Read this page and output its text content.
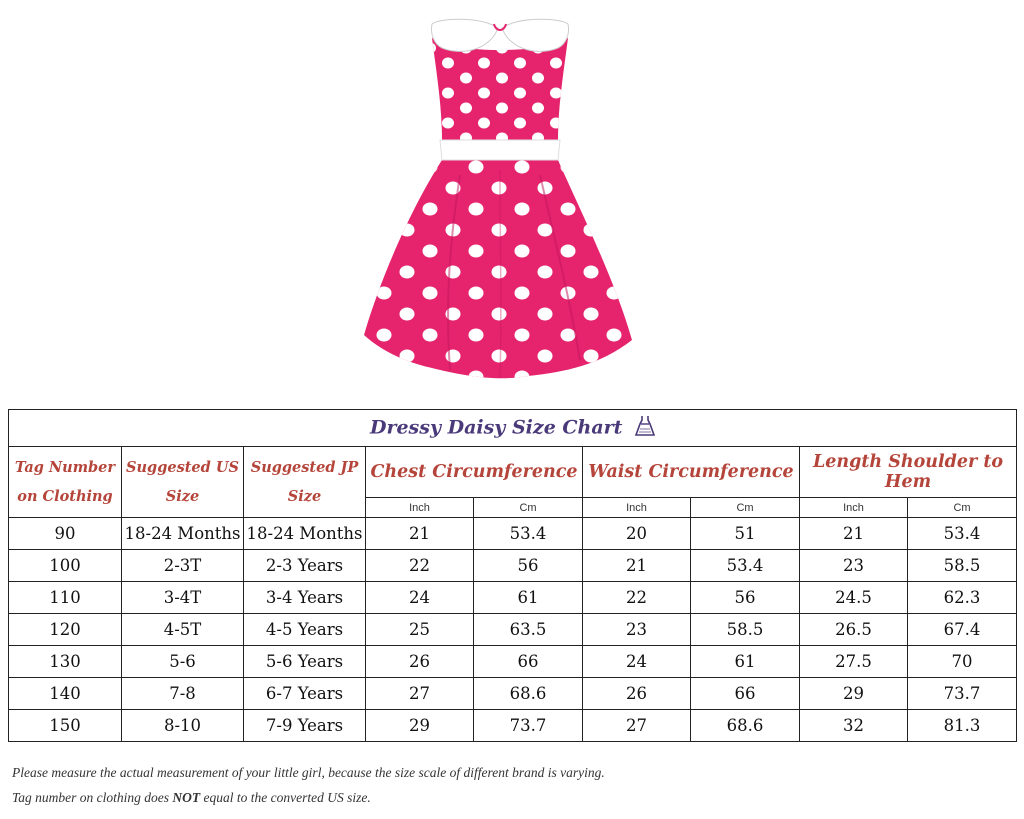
Dressy Daisy Size Chart								
Tag Number on Clothing	Suggested US Size	Suggested JP Size	Chest Circumference		Waist Circumference		Length Shoulder to Hem	
			Inch	Cm	Inch	Cm	Inch	Cm
90	18-24 Months	18-24 Months	21	53.4	20	51	21	53.4
100	2-3T	2-3 Years	22	56	21	53.4	23	58.5
110	3-4T	3-4 Years	24	61	22	56	24.5	62.3
120	4-5T	4-5 Years	25	63.5	23	58.5	26.5	67.4
130	5-6	5-6 Years	26	66	24	61	27.5	70
140	7-8	6-7 Years	27	68.6	26	66	29	73.7
150	8-10	7-9 Years	29	73.7	27	68.6	32	81.3
Please measure the actual measurement of your little girl, because the size scale of different brand is varying.
Tag number on clothing does NOT equal to the converted US size.
